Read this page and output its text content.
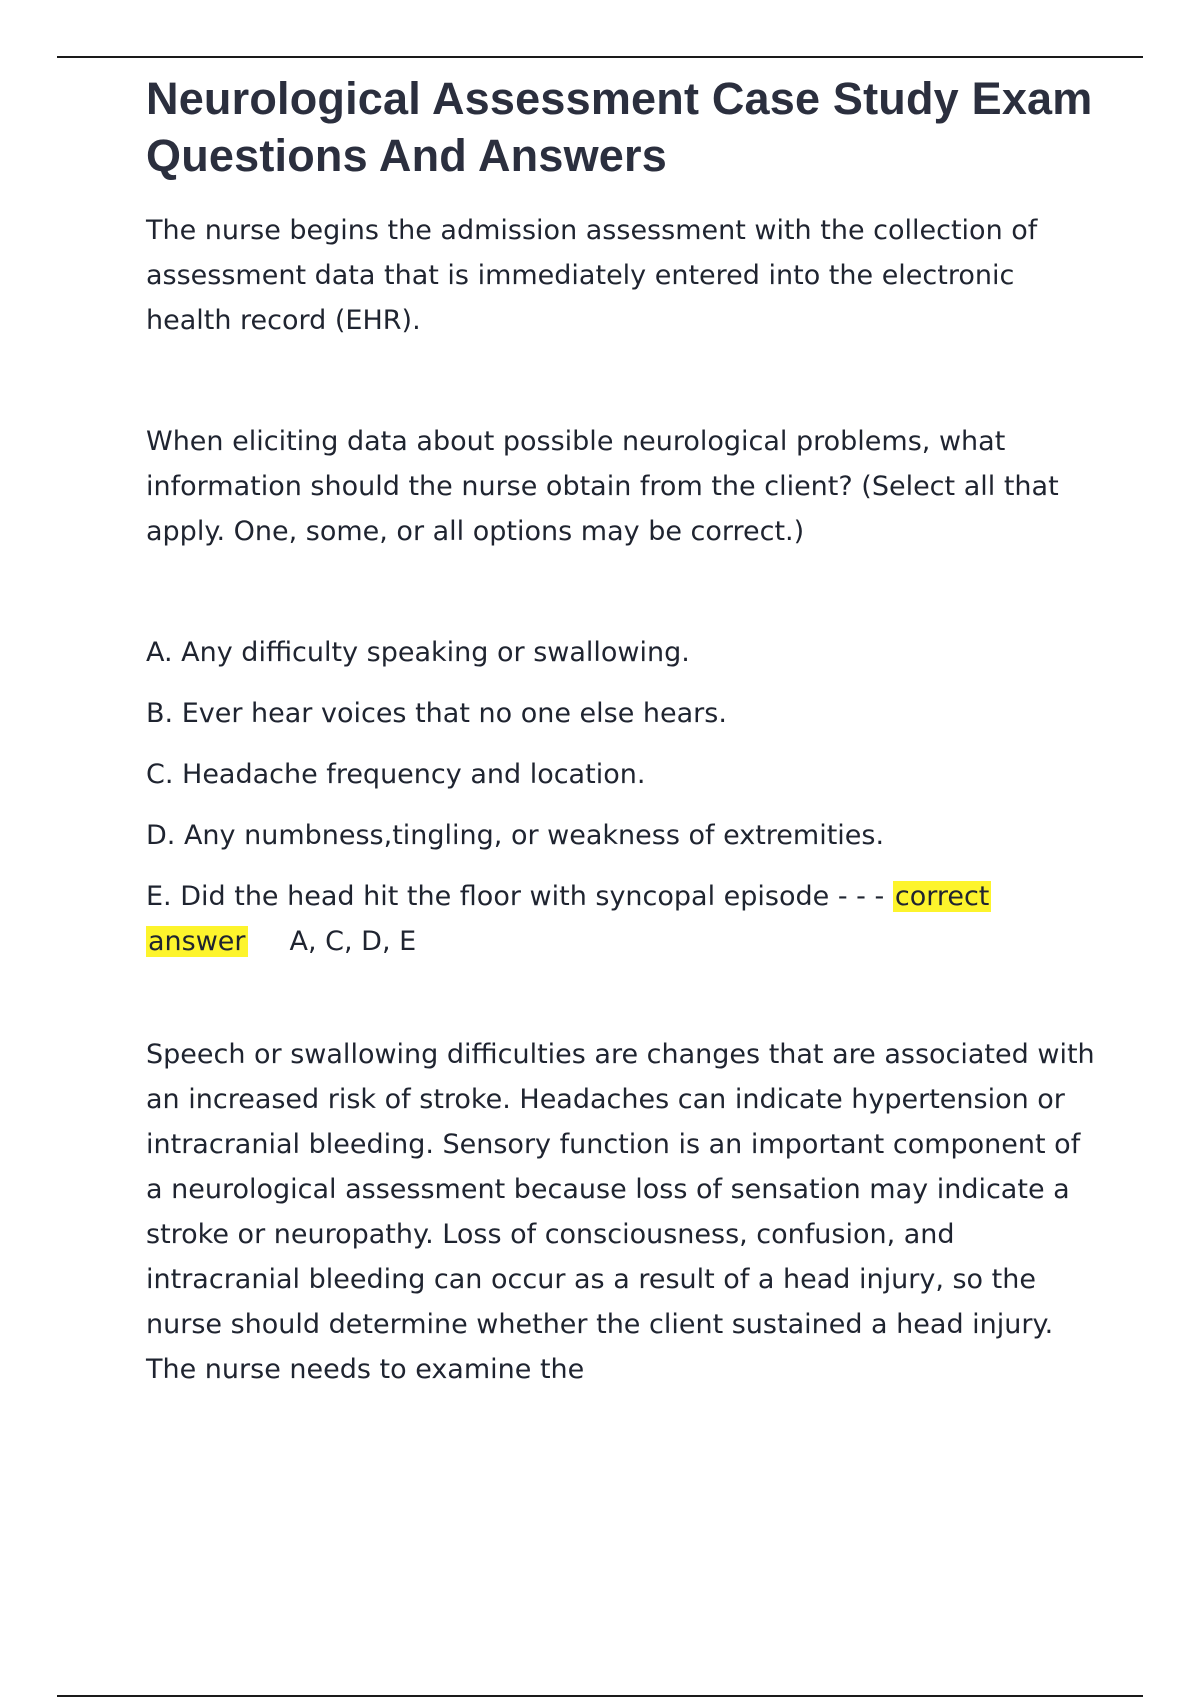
Neurological Assessment Case Study Exam Questions And Answers

The nurse begins the admission assessment with the collection of assessment data that is immediately entered into the electronic health record (EHR).

When eliciting data about possible neurological problems, what information should the nurse obtain from the client? (Select all that apply. One, some, or all options may be correct.)

A. Any difficulty speaking or swallowing.

B. Ever hear voices that no one else hears.

C. Headache frequency and location.

D. Any numbness,tingling, or weakness of extremities.

E. Did the head hit the floor with syncopal episode - - - correct answer A, C, D, E

Speech or swallowing difficulties are changes that are associated with an increased risk of stroke. Headaches can indicate hypertension or intracranial bleeding. Sensory function is an important component of a neurological assessment because loss of sensation may indicate a stroke or neuropathy. Loss of consciousness, confusion, and intracranial bleeding can occur as a result of a head injury, so the nurse should determine whether the client sustained a head injury. The nurse needs to examine the
